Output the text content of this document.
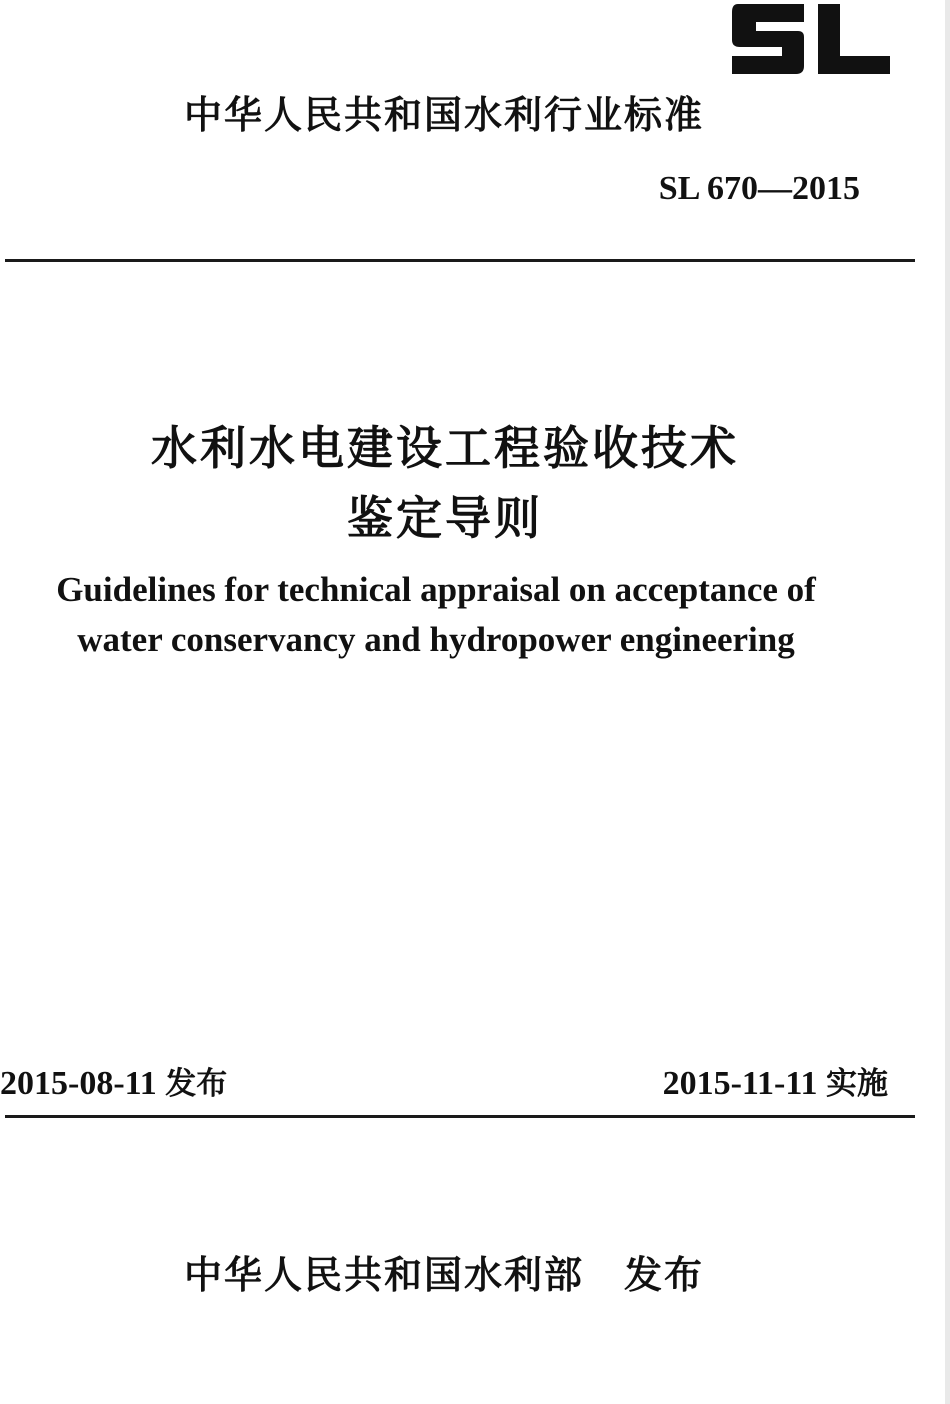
中华人民共和国水利行业标准
SL 670—2015
水利水电建设工程验收技术
鉴定导则
Guidelines for technical appraisal on acceptance of
water conservancy and hydropower engineering
2015-08-11 发布	2015-11-11 实施
中华人民共和国水利部 发布
